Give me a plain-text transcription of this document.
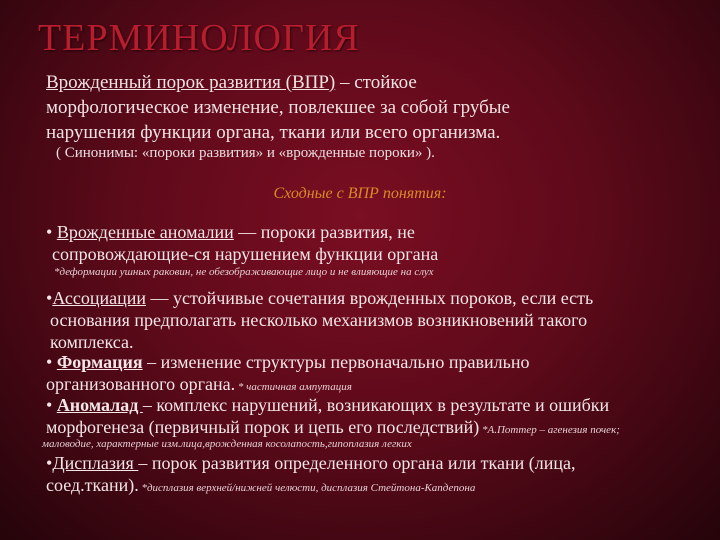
ТЕРМИНОЛОГИЯ
Врожденный порок развития (ВПР) – стойкое
морфологическое изменение, повлекшее за собой грубые
нарушения функции органа, ткани или всего организма.
( Синонимы: «пороки развития» и «врожденные пороки» ).
Сходные с ВПР понятия:
• Врожденные аномалии — пороки развития, не
сопровождающие-ся нарушением функции органа
*деформации ушных раковин, не обезображивающие лицо и не влияющие на слух
•Ассоциации — устойчивые сочетания врожденных пороков, если есть
основания предполагать несколько механизмов возникновений такого
комплекса.
• Формация – изменение структуры первоначально правильно
организованного органа. * частичная ампутация
• Аномалад – комплекс нарушений, возникающих в результате и ошибки
морфогенеза (первичный порок и цепь его последствий) *А.Поттер – агенезия почек;
маловодие, характерные изм.лица,врожденная косолапость,гипоплазия легких
•Дисплазия – порок развития определенного органа или ткани (лица,
соед.ткани). *дисплазия верхней/нижней челюсти, дисплазия Стейтона-Капдепона
